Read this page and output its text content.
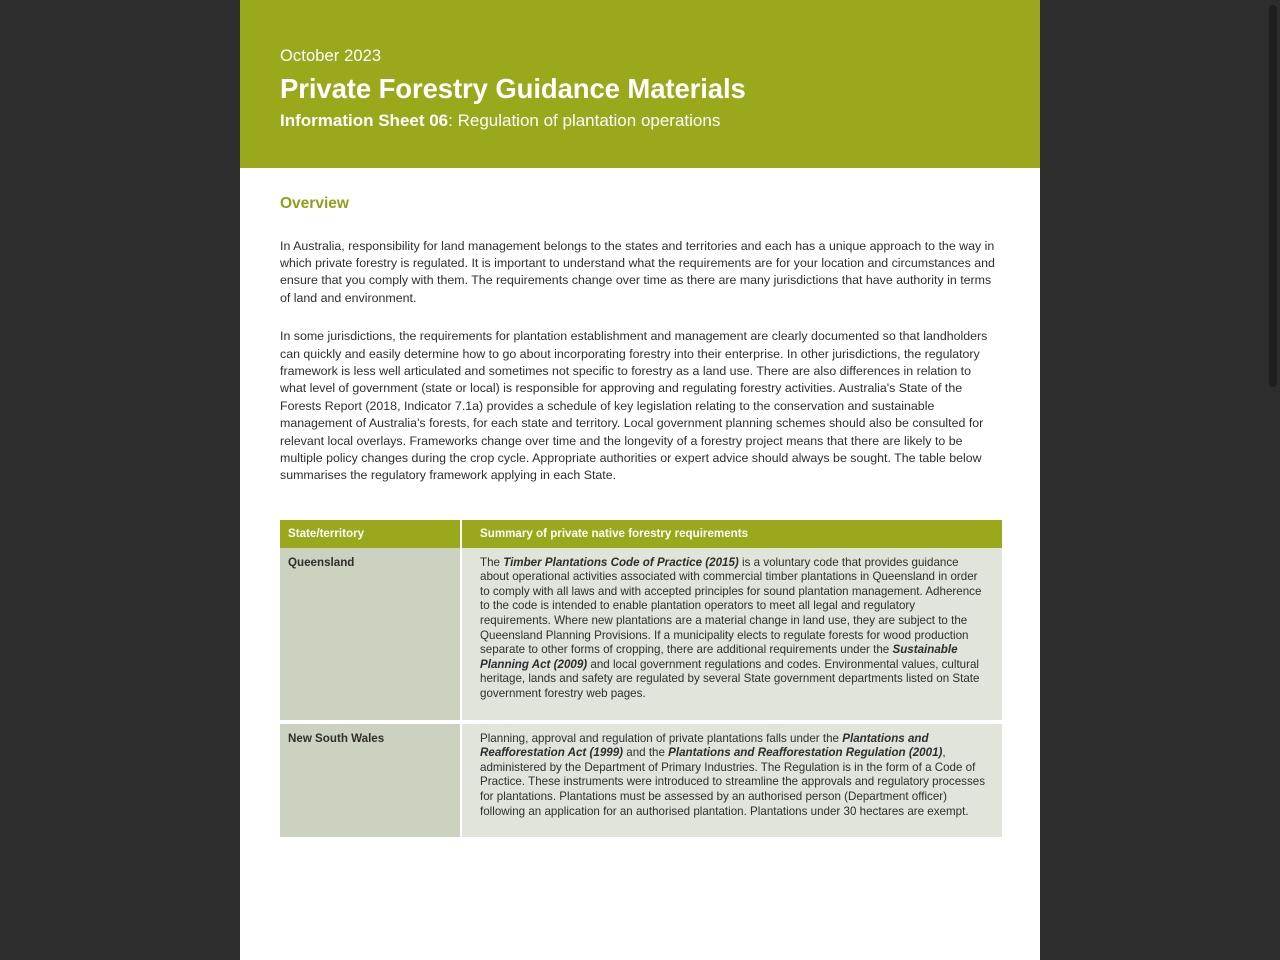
October 2023
Private Forestry Guidance Materials
Information Sheet 06: Regulation of plantation operations
Overview

In Australia, responsibility for land management belongs to the states and territories and each has a unique approach to the way in which private forestry is regulated. It is important to understand what the requirements are for your location and circumstances and ensure that you comply with them. The requirements change over time as there are many jurisdictions that have authority in terms of land and environment.

In some jurisdictions, the requirements for plantation establishment and management are clearly documented so that landholders can quickly and easily determine how to go about incorporating forestry into their enterprise. In other jurisdictions, the regulatory framework is less well articulated and sometimes not specific to forestry as a land use. There are also differences in relation to what level of government (state or local) is responsible for approving and regulating forestry activities. Australia's State of the Forests Report (2018, Indicator 7.1a) provides a schedule of key legislation relating to the conservation and sustainable management of Australia's forests, for each state and territory. Local government planning schemes should also be consulted for relevant local overlays. Frameworks change over time and the longevity of a forestry project means that there are likely to be multiple policy changes during the crop cycle. Appropriate authorities or expert advice should always be sought. The table below summarises the regulatory framework applying in each State.

State/territory	Summary of private native forestry requirements
Queensland	The Timber Plantations Code of Practice (2015) is a voluntary code that provides guidance about operational activities associated with commercial timber plantations in Queensland in order to comply with all laws and with accepted principles for sound plantation management. Adherence to the code is intended to enable plantation operators to meet all legal and regulatory requirements. Where new plantations are a material change in land use, they are subject to the Queensland Planning Provisions. If a municipality elects to regulate forests for wood production separate to other forms of cropping, there are additional requirements under the Sustainable Planning Act (2009) and local government regulations and codes. Environmental values, cultural heritage, lands and safety are regulated by several State government departments listed on State government forestry web pages.

New South Wales	Planning, approval and regulation of private plantations falls under the Plantations and Reafforestation Act (1999) and the Plantations and Reafforestation Regulation (2001), administered by the Department of Primary Industries. The Regulation is in the form of a Code of Practice. These instruments were introduced to streamline the approvals and regulatory processes for plantations. Plantations must be assessed by an authorised person (Department officer) following an application for an authorised plantation. Plantations under 30 hectares are exempt.
